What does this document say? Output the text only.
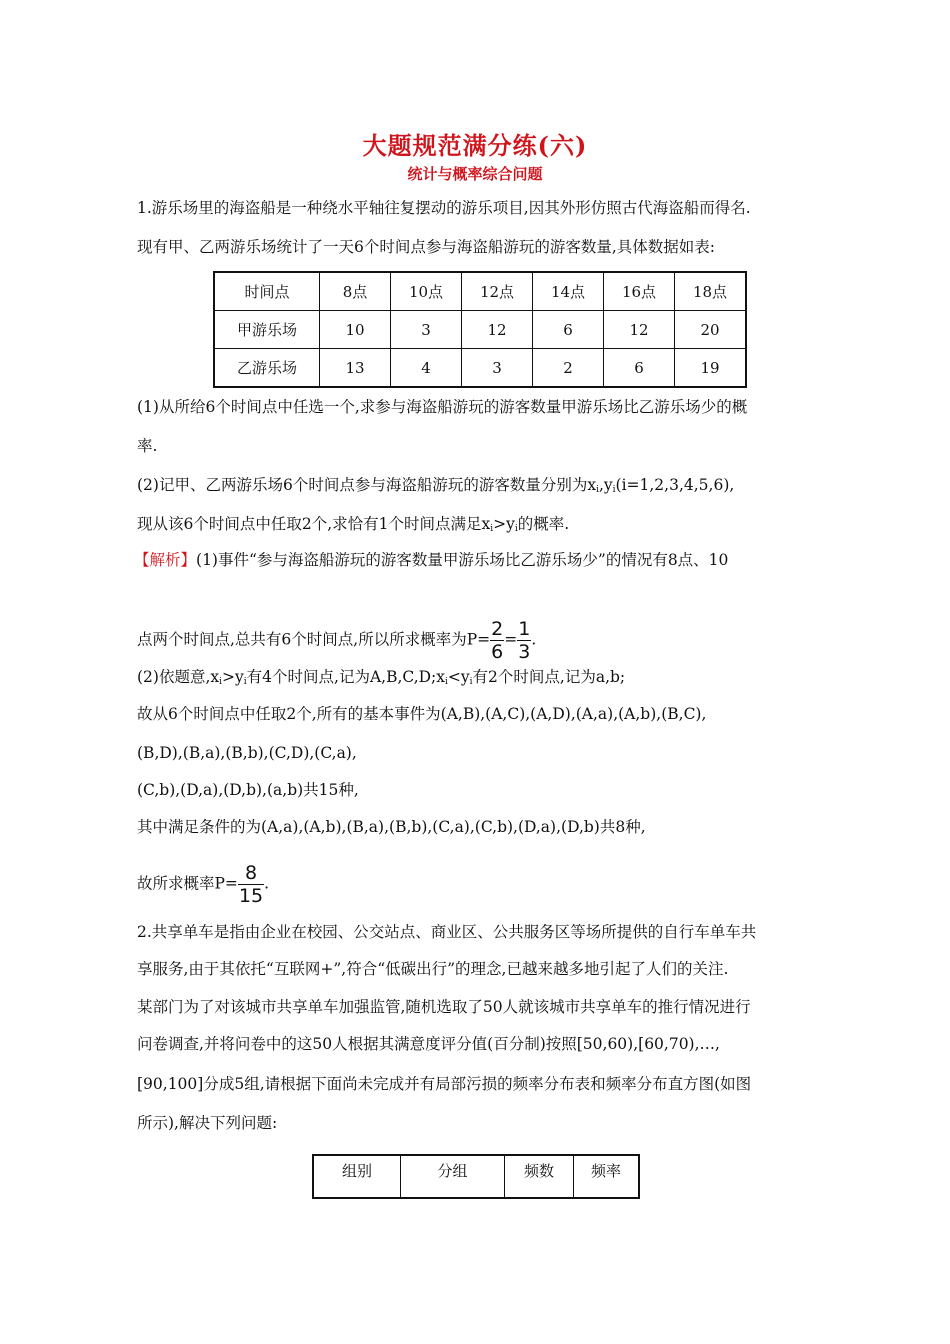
大题规范满分练(六)
统计与概率综合问题
1.游乐场里的海盗船是一种绕水平轴往复摆动的游乐项目,因其外形仿照古代海盗船而得名.
现有甲、乙两游乐场统计了一天6个时间点参与海盗船游玩的游客数量,具体数据如表:
时间点	8点	10点	12点	14点	16点	18点
甲游乐场	10	3	12	6	12	20
乙游乐场	13	4	3	2	6	19
(1)从所给6个时间点中任选一个,求参与海盗船游玩的游客数量甲游乐场比乙游乐场少的概
率.
(2)记甲、乙两游乐场6个时间点参与海盗船游玩的游客数量分别为$x_i,y_i(i=1,2,3,4,5,6)$,
现从该6个时间点中任取2个,求恰有1个时间点满足$x_i>y_i$的概率.
【解析】(1)事件“参与海盗船游玩的游客数量甲游乐场比乙游乐场少”的情况有8点、10
点两个时间点,总共有6个时间点,所以所求概率为$P= \frac{2}{6} = \frac{1}{3}$ .
(2)依题意$,x_i>y_i$有4个时间点,记为$A,B,C,D;x_i<y_i$有2个时间点,记为a,b;
故从6个时间点中任取2个,所有的基本事件为(A,B),(A,C),(A,D),(A,a),(A,b),(B,C),
(B,D),(B,a),(B,b),(C,D),(C,a),
(C,b),(D,a),(D,b),(a,b)共15种,
其中满足条件的为(A,a),(A,b),(B,a),(B,b),(C,a),(C,b),(D,a),(D,b)共8种,
故所求概率$P= \frac{8}{15}$ .
2.共享单车是指由企业在校园、公交站点、商业区、公共服务区等场所提供的自行车单车共
享服务,由于其依托“互联网+”,符合“低碳出行”的理念,已越来越多地引起了人们的关注.
某部门为了对该城市共享单车加强监管,随机选取了50人就该城市共享单车的推行情况进行
问卷调查,并将问卷中的这50人根据其满意度评分值(百分制)按照[50,60),[60,70),…,
[90,100]分成5组,请根据下面尚未完成并有局部污损的频率分布表和频率分布直方图(如图
所示),解决下列问题:
组别	分组	频数	频率
